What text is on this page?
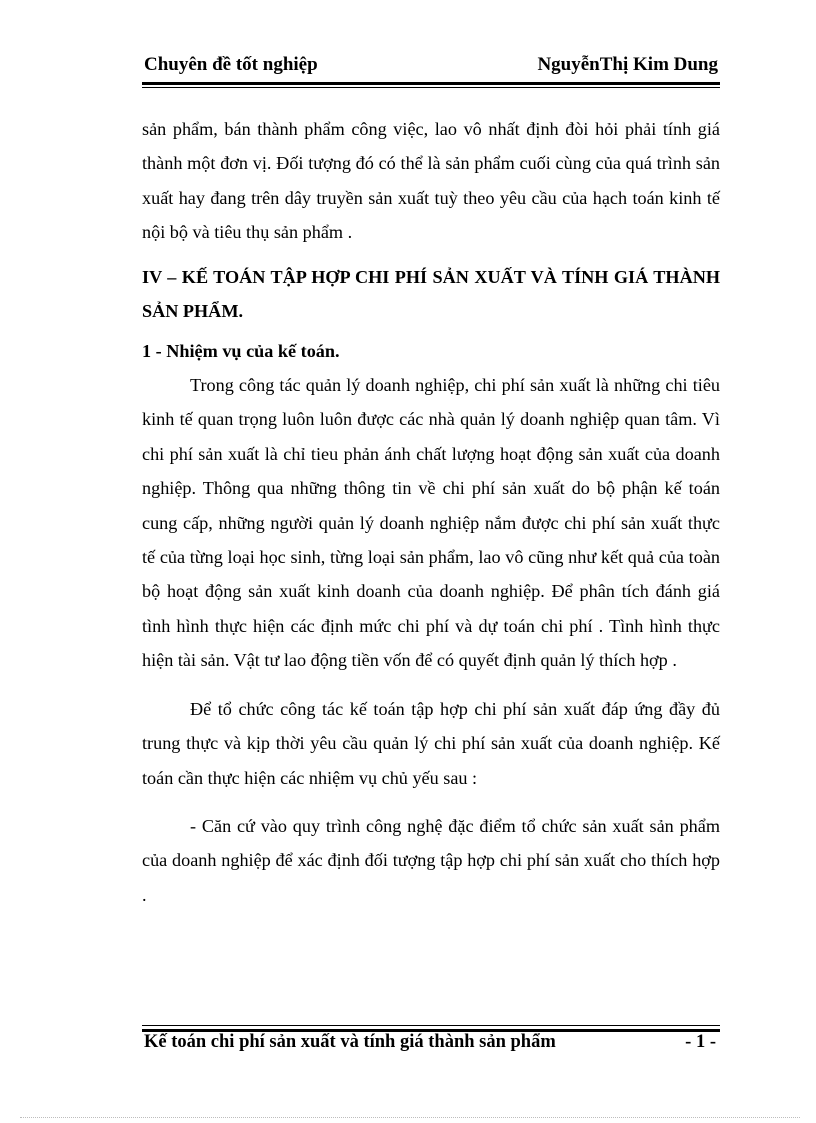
Chuyên đề tốt nghiệp	NguyễnThị Kim Dung

sản phẩm, bán thành phẩm công việc, lao vô nhất định đòi hỏi phải tính giá thành một đơn vị. Đối tượng đó có thể là sản phẩm cuối cùng của quá trình sản xuất hay đang trên dây truyền sản xuất tuỳ theo yêu cầu của hạch toán kinh tế nội bộ và tiêu thụ sản phẩm .

IV – KẾ TOÁN TẬP HỢP CHI PHÍ SẢN XUẤT VÀ TÍNH GIÁ THÀNH SẢN PHẨM.

1 - Nhiệm vụ của kế toán.

Trong công tác quản lý doanh nghiệp, chi phí sản xuất là những chi tiêu kinh tế quan trọng luôn luôn được các nhà quản lý doanh nghiệp quan tâm. Vì chi phí sản xuất là chỉ tieu phản ánh chất lượng hoạt động sản xuất của doanh nghiệp. Thông qua những thông tin về chi phí sản xuất do bộ phận kế toán cung cấp, những người quản lý doanh nghiệp nắm được chi phí sản xuất thực tế của từng loại học sinh, từng loại sản phẩm, lao vô cũng như kết quả của toàn bộ hoạt động sản xuất kinh doanh của doanh nghiệp. Để phân tích đánh giá tình hình thực hiện các định mức chi phí và dự toán chi phí . Tình hình thực hiện tài sản. Vật tư lao động tiền vốn để có quyết định quản lý thích hợp .

Để tổ chức công tác kế toán tập hợp chi phí sản xuất đáp ứng đầy đủ trung thực và kịp thời yêu cầu quản lý chi phí sản xuất của doanh nghiệp. Kế toán cần thực hiện các nhiệm vụ chủ yếu sau :

- Căn cứ vào quy trình công nghệ đặc điểm tổ chức sản xuất sản phẩm của doanh nghiệp để xác định đối tượng tập hợp chi phí sản xuất cho thích hợp .

Kế toán chi phí sản xuất và tính giá thành sản phẩm	- 1 -
